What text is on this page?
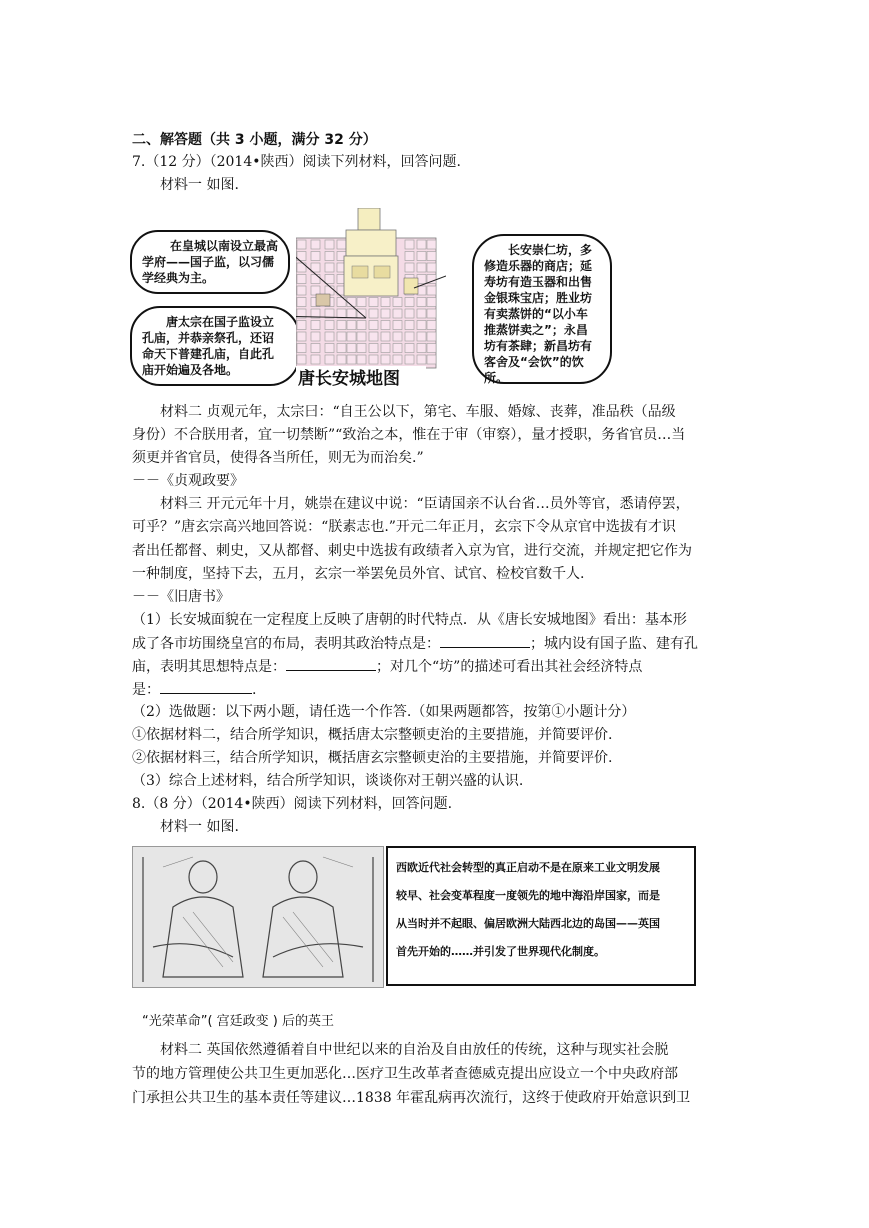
二、解答题（共 3 小题，满分 32 分）
7.（12 分）（2014•陕西）阅读下列材料，回答问题.
材料一 如图.
在皇城以南设立最高
学府——国子监，以习儒
学经典为主。
唐太宗在国子监设立
孔庙，并恭亲祭孔，还诏
命天下普建孔庙，自此孔
庙开始遍及各地。	唐长安城地图
长安崇仁坊，多
修造乐器的商店；延
寿坊有造玉器和出售
金银珠宝店；胜业坊
有卖蒸饼的“以小车
推蒸饼卖之”；永昌
坊有茶肆；新昌坊有
客舍及“会饮”的饮
所。
材料二 贞观元年，太宗曰：“自王公以下，第宅、车服、婚嫁、丧葬，准品秩（品级
身份）不合朕用者，宜一切禁断”“致治之本，惟在于审（审察），量才授职，务省官员…当
须更并省官员，使得各当所任，则无为而治矣.”
－－《贞观政要》
材料三 开元元年十月，姚崇在建议中说：“臣请国亲不认台省…员外等官，悉请停罢，
可乎？”唐玄宗高兴地回答说：“朕素志也.”开元二年正月，玄宗下令从京官中选拔有才识
者出任都督、刺史，又从都督、刺史中选拔有政绩者入京为官，进行交流，并规定把它作为
一种制度，坚持下去，五月，玄宗一举罢免员外官、试官、检校官数千人.
－－《旧唐书》
（1）长安城面貌在一定程度上反映了唐朝的时代特点．从《唐长安城地图》看出：基本形
成了各市坊围绕皇宫的布局，表明其政治特点是：	；城内设有国子监、建有孔
庙，表明其思想特点是：	；对几个“坊”的描述可看出其社会经济特点
是：	.
（2）选做题：以下两小题，请任选一个作答.（如果两题都答，按第①小题计分）
①依据材料二，结合所学知识，概括唐太宗整顿吏治的主要措施，并简要评价.
②依据材料三，结合所学知识，概括唐玄宗整顿吏治的主要措施，并简要评价.
（3）综合上述材料，结合所学知识，谈谈你对王朝兴盛的认识.
8.（8 分）（2014•陕西）阅读下列材料，回答问题.
材料一 如图.
西欧近代社会转型的真正启动不是在原来工业文明发展
较早、社会变革程度一度领先的地中海沿岸国家，而是
从当时并不起眼、偏居欧洲大陆西北边的岛国——英国
首先开始的……并引发了世界现代化制度。
“光荣革命”( 宫廷政变 ) 后的英王
材料二 英国依然遵循着自中世纪以来的自治及自由放任的传统，这种与现实社会脱
节的地方管理使公共卫生更加恶化…医疗卫生改革者查德威克提出应设立一个中央政府部
门承担公共卫生的基本责任等建议…1838 年霍乱病再次流行，这终于使政府开始意识到卫
